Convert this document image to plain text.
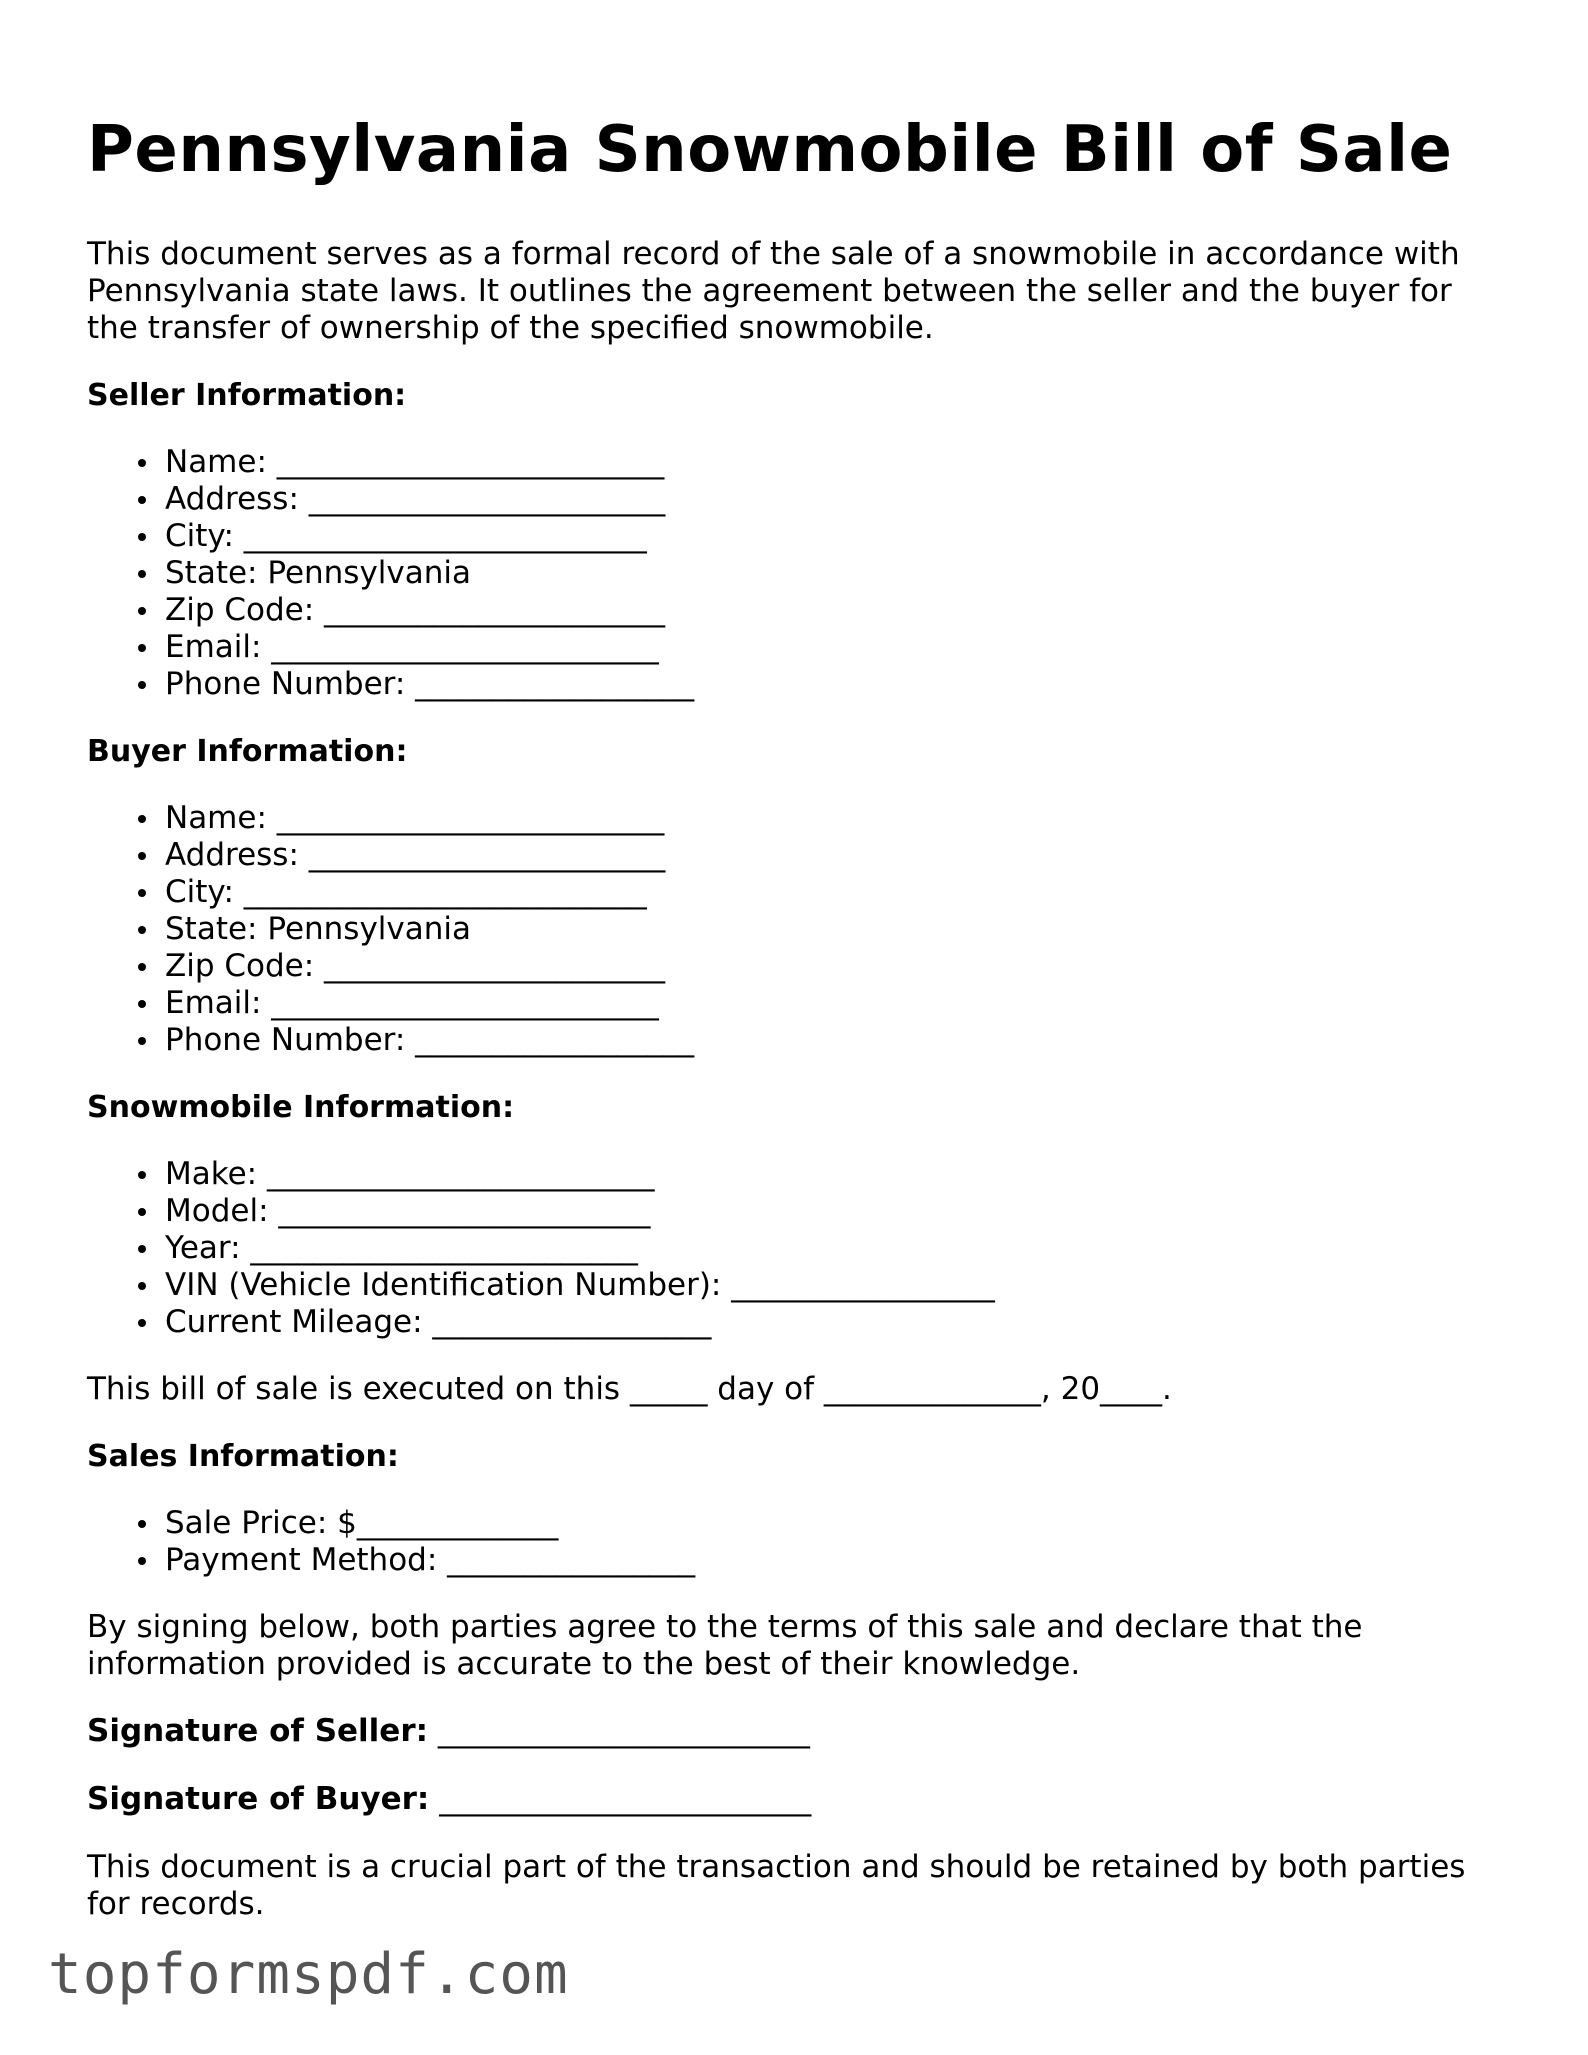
Pennsylvania Snowmobile Bill of Sale

This document serves as a formal record of the sale of a snowmobile in accordance with Pennsylvania state laws. It outlines the agreement between the seller and the buyer for the transfer of ownership of the specified snowmobile.

Seller Information:
Name: _________________________
Address: _______________________
City: __________________________
State: Pennsylvania
Zip Code: ______________________
Email: _________________________
Phone Number: __________________
Buyer Information:
Name: _________________________
Address: _______________________
City: __________________________
State: Pennsylvania
Zip Code: ______________________
Email: _________________________
Phone Number: __________________
Snowmobile Information:
Make: _________________________
Model: ________________________
Year: _________________________
VIN (Vehicle Identification Number): _________________
Current Mileage: __________________

This bill of sale is executed on this _____ day of ______________, 20____.

Sales Information:
Sale Price: $_____________
Payment Method: ________________

By signing below, both parties agree to the terms of this sale and declare that the information provided is accurate to the best of their knowledge.

Signature of Seller: ________________________
Signature of Buyer: ________________________

This document is a crucial part of the transaction and should be retained by both parties for records.

topformspdf.com
